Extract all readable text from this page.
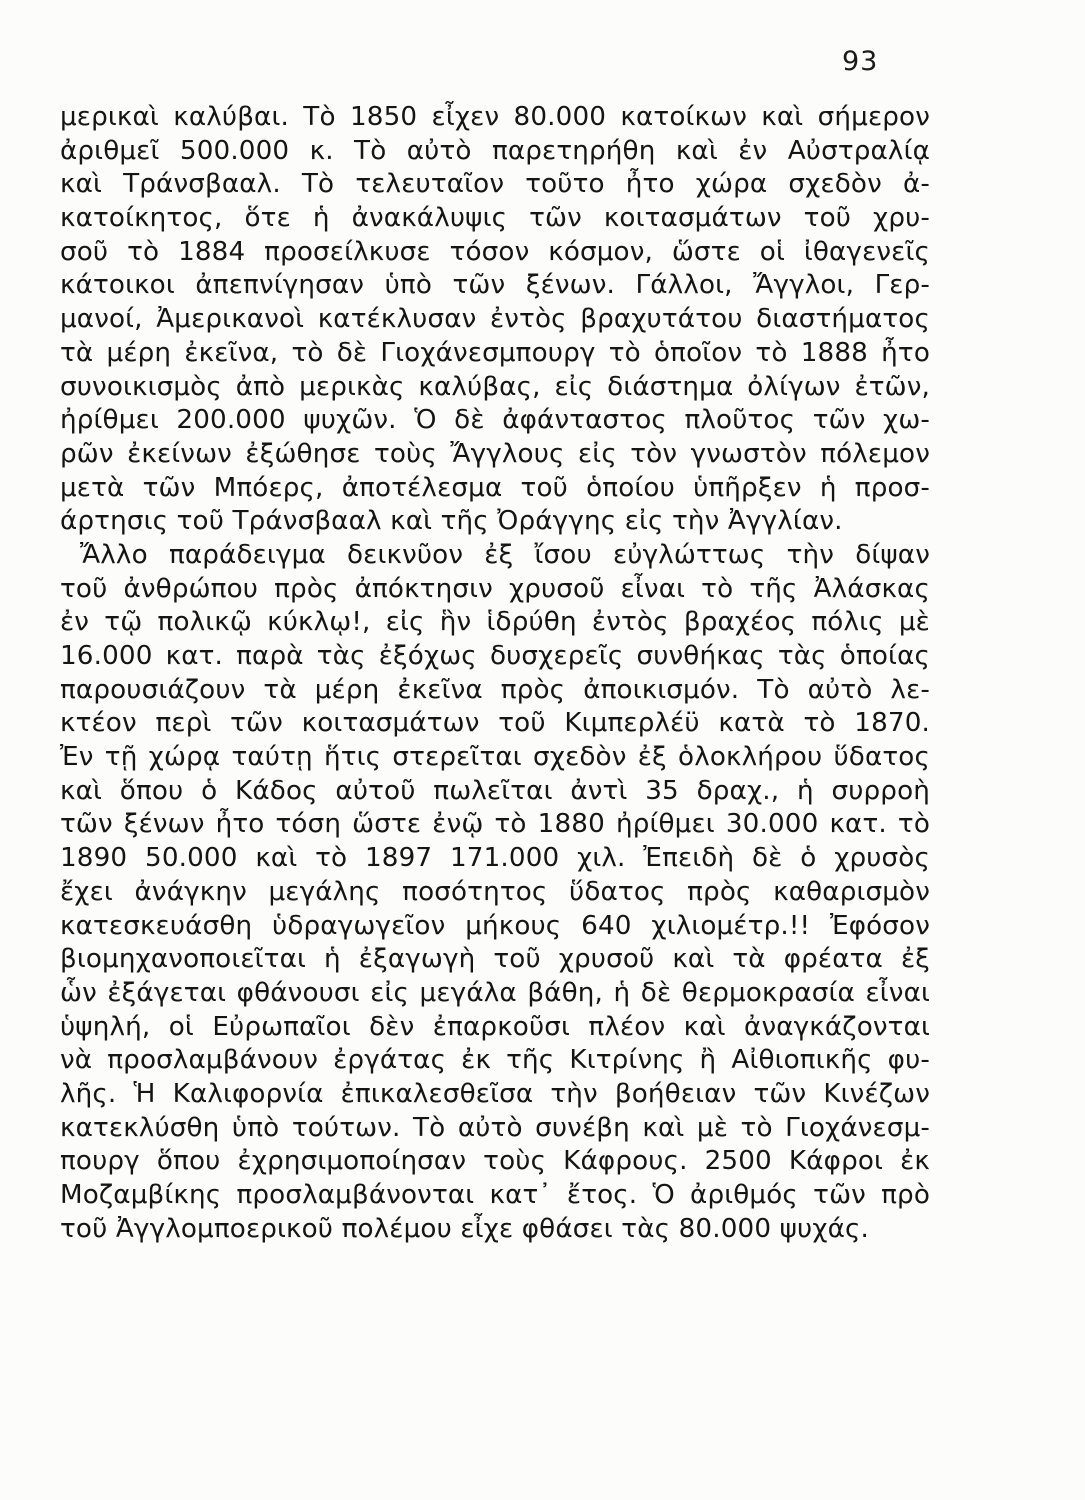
93
μερικαὶ καλύβαι. Τὸ 1850 εἶχεν 80.000 κατοίκων καὶ σήμερον
ἀριθμεῖ 500.000 κ. Τὸ αὐτὸ παρετηρήθη καὶ ἐν Αὐστραλίᾳ
καὶ Τράνσβααλ. Τὸ τελευταῖον τοῦτο ἦτο χώρα σχεδὸν ἀ-
κατοίκητος, ὅτε ἡ ἀνακάλυψις τῶν κοιτασμάτων τοῦ χρυ-
σοῦ τὸ 1884 προσείλκυσε τόσον κόσμον, ὥστε οἱ ἰθαγενεῖς
κάτοικοι ἀπεπνίγησαν ὑπὸ τῶν ξένων. Γάλλοι, Ἄγγλοι, Γερ-
μανοί, Ἀμερικανοὶ κατέκλυσαν ἐντὸς βραχυτάτου διαστήματος
τὰ μέρη ἐκεῖνα, τὸ δὲ Γιοχάνεσμπουργ τὸ ὁποῖον τὸ 1888 ἦτο
συνοικισμὸς ἀπὸ μερικὰς καλύβας, εἰς διάστημα ὀλίγων ἐτῶν,
ἠρίθμει 200.000 ψυχῶν. Ὁ δὲ ἀφάνταστος πλοῦτος τῶν χω-
ρῶν ἐκείνων ἐξώθησε τοὺς Ἄγγλους εἰς τὸν γνωστὸν πόλεμον
μετὰ τῶν Μπόερς, ἀποτέλεσμα τοῦ ὁποίου ὑπῆρξεν ἡ προσ-
άρτησις τοῦ Τράνσβααλ καὶ τῆς Ὀράγγης εἰς τὴν Ἀγγλίαν.
Ἄλλο παράδειγμα δεικνῦον ἐξ ἴσου εὐγλώττως τὴν δίψαν
τοῦ ἀνθρώπου πρὸς ἀπόκτησιν χρυσοῦ εἶναι τὸ τῆς Ἀλάσκας
ἐν τῷ πολικῷ κύκλῳ!, εἰς ἣν ἱδρύθη ἐντὸς βραχέος πόλις μὲ
16.000 κατ. παρὰ τὰς ἐξόχως δυσχερεῖς συνθήκας τὰς ὁποίας
παρουσιάζουν τὰ μέρη ἐκεῖνα πρὸς ἀποικισμόν. Τὸ αὐτὸ λε-
κτέον περὶ τῶν κοιτασμάτων τοῦ Κιμπερλέϋ κατὰ τὸ 1870.
Ἐν τῇ χώρᾳ ταύτῃ ἥτις στερεῖται σχεδὸν ἐξ ὁλοκλήρου ὕδατος
καὶ ὅπου ὁ Κάδος αὐτοῦ πωλεῖται ἀντὶ 35 δραχ., ἡ συρροὴ
τῶν ξένων ἦτο τόση ὥστε ἐνῷ τὸ 1880 ἠρίθμει 30.000 κατ. τὸ
1890 50.000 καὶ τὸ 1897 171.000 χιλ. Ἐπειδὴ δὲ ὁ χρυσὸς
ἔχει ἀνάγκην μεγάλης ποσότητος ὕδατος πρὸς καθαρισμὸν
κατεσκευάσθη ὑδραγωγεῖον μήκους 640 χιλιομέτρ.!! Ἐφόσον
βιομηχανοποιεῖται ἡ ἐξαγωγὴ τοῦ χρυσοῦ καὶ τὰ φρέατα ἐξ
ὧν ἐξάγεται φθάνουσι εἰς μεγάλα βάθη, ἡ δὲ θερμοκρασία εἶναι
ὑψηλή, οἱ Εὐρωπαῖοι δὲν ἐπαρκοῦσι πλέον καὶ ἀναγκάζονται
νὰ προσλαμβάνουν ἐργάτας ἐκ τῆς Κιτρίνης ἢ Αἰθιοπικῆς φυ-
λῆς. Ἡ Καλιφορνία ἐπικαλεσθεῖσα τὴν βοήθειαν τῶν Κινέζων
κατεκλύσθη ὑπὸ τούτων. Τὸ αὐτὸ συνέβη καὶ μὲ τὸ Γιοχάνεσμ-
πουργ ὅπου ἐχρησιμοποίησαν τοὺς Κάφρους. 2500 Κάφροι ἐκ
Μοζαμβίκης προσλαμβάνονται κατ᾽ ἔτος. Ὁ ἀριθμός τῶν πρὸ
τοῦ Ἀγγλομποερικοῦ πολέμου εἶχε φθάσει τὰς 80.000 ψυχάς.
